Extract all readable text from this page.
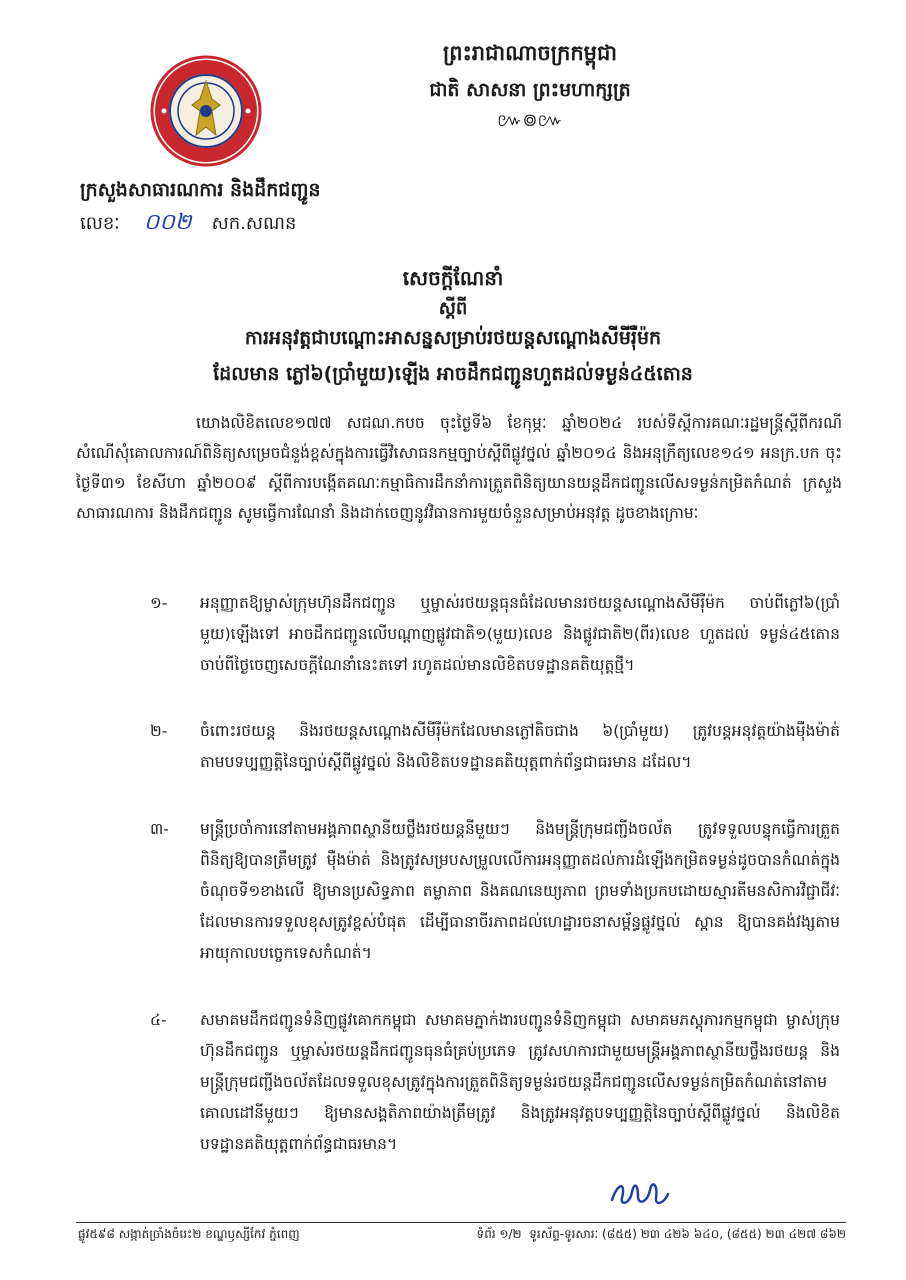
ព្រះរាជាណាចក្រកម្ពុជា
ជាតិ សាសនា ព្រះមហាក្សត្រ
៚៙៚
ក្រសួងសាធារណការ និងដឹកជញ្ជូន
លេខៈ ០០២ សក.សណន
សេចក្តីណែនាំ
ស្តីពី
ការអនុវត្តជាបណ្តោះអាសន្នសម្រាប់រថយន្តសណ្តោងសីមីរ៉ឺម៉ក
ដែលមាន ភ្លៅ៦(ប្រាំមួយ)ឡើង អាចដឹកជញ្ជូនហួតដល់ទម្ងន់៤៥តោន
យោងលិខិតលេខ១៧៧ សជណ.កបច ចុះថ្ងៃទី៦ ខែកុម្ភៈ ឆ្នាំ២០២៤ របស់ទីស្តីការគណៈរដ្ឋមន្ត្រីស្តីពីករណីសំណើសុំគោលការណ៍ពិនិត្យសម្រេចជំនួង់ខ្ពស់ក្នុងការធ្វើវិសោធនកម្មច្បាប់ស្តីពីផ្លូវថ្នល់ ឆ្នាំ២០១៤ និងអនុក្រឹត្យលេខ១៤១ អនក្រ.បក ចុះថ្ងៃទី៣១ ខែសីហា ឆ្នាំ២០០៩ ស្តីពីការបង្កើតគណៈកម្មាធិការដឹកនាំការត្រួតពិនិត្យយានយន្តដឹកជញ្ជូនលើសទម្ងន់កម្រិតកំណត់ ក្រសួងសាធារណការ និងដឹកជញ្ជូន សូមធ្វើការណែនាំ និងដាក់ចេញនូវវិធានការមួយចំនួនសម្រាប់អនុវត្ត ដូចខាងក្រោមៈ
១-	អនុញ្ញាតឱ្យម្ចាស់ក្រុមហ៊ុនដឹកជញ្ជូន ឬម្ចាស់រថយន្តធុនធំដែលមានរថយន្តសណ្តោងសីមីរ៉ឺម៉ក ចាប់ពីភ្លៅ៦(ប្រាំមួយ)ឡើងទៅ អាចដឹកជញ្ជូនលើបណ្តាញផ្លូវជាតិ១(មួយ)លេខ និងផ្លូវជាតិ២(ពីរ)លេខ ហួតដល់ ទម្ងន់៤៥តោន ចាប់ពីថ្ងៃចេញសេចក្តីណែនាំនេះតទៅ រហូតដល់មានលិខិតបទដ្ឋានគតិយុត្តថ្មី។
២-	ចំពោះរថយន្ត និងរថយន្តសណ្តោងសីមីរ៉ឺម៉កដែលមានភ្លៅតិចជាង ៦(ប្រាំមួយ) ត្រូវបន្តអនុវត្តយ៉ាងម៉ឺងម៉ាត់តាមបទប្បញ្ញត្តិនៃច្បាប់ស្តីពីផ្លូវថ្នល់ និងលិខិតបទដ្ឋានគតិយុត្តពាក់ព័ន្ធជាធរមាន ដដែល។
៣-	មន្ត្រីប្រចាំការនៅតាមអង្គភាពស្ថានីយថ្លឹងរថយន្តនីមួយៗ និងមន្ត្រីក្រុមជញ្ជីងចល័ត ត្រូវទទួលបន្ទុកធ្វើការត្រួតពិនិត្យឱ្យបានត្រឹមត្រូវ ម៉ឺងម៉ាត់ និងត្រូវសម្របសម្រួលលើការអនុញ្ញាតដល់ការដំឡើងកម្រិតទម្ងន់ដូចបានកំណត់ក្នុងចំណុចទី១ខាងលើ ឱ្យមានប្រសិទ្ធភាព តម្លាភាព និងគណនេយ្យភាព ព្រមទាំងប្រកបដោយស្មារតីមនសិការវិជ្ជាជីវៈដែលមានការទទួលខុសត្រូវខ្ពស់បំផុត ដើម្បីធានាចីរភាពដល់ហេដ្ឋារចនាសម្ព័ន្ធផ្លូវថ្នល់ ស្ពាន ឱ្យបានគង់វង្សតាមអាយុកាលបច្ចេកទេសកំណត់។
៤-	សមាគមដឹកជញ្ជូនទំនិញផ្លូវគោកកម្ពុជា សមាគមភ្នាក់ងារបញ្ជូនទំនិញកម្ពុជា សមាគមភស្តុភារកម្មកម្ពុជា ម្ចាស់ក្រុមហ៊ុនដឹកជញ្ជូន ឬម្ចាស់រថយន្តដឹកជញ្ជូនធុនធំគ្រប់ប្រភេទ ត្រូវសហការជាមួយមន្ត្រីអង្គភាពស្ថានីយថ្លឹងរថយន្ត និងមន្ត្រីក្រុមជញ្ជីងចល័តដែលទទួលខុសត្រូវក្នុងការត្រួតពិនិត្យទម្ងន់រថយន្តដឹកជញ្ជូនលើសទម្ងន់កម្រិតកំណត់នៅតាមគោលដៅនីមួយៗ ឱ្យមានសង្គតិភាពយ៉ាងត្រឹមត្រូវ និងត្រូវអនុវត្តបទប្បញ្ញត្តិនៃច្បាប់ស្តីពីផ្លូវថ្នល់ និងលិខិតបទដ្ឋានគតិយុត្តពាក់ព័ន្ធជាធរមាន។
ផ្លូវ៥៩៨ សង្កាត់ច្រាំងចំរេះ២ ខណ្ឌឫស្សីកែវ ភ្នំពេញ	ទំព័រ ១/២ ទូរស័ព្ទ-ទូរសារៈ (៨៥៥) ២៣ ៤២៦ ៦៤០, (៨៥៥) ២៣ ៤២៧ ៨៦២
